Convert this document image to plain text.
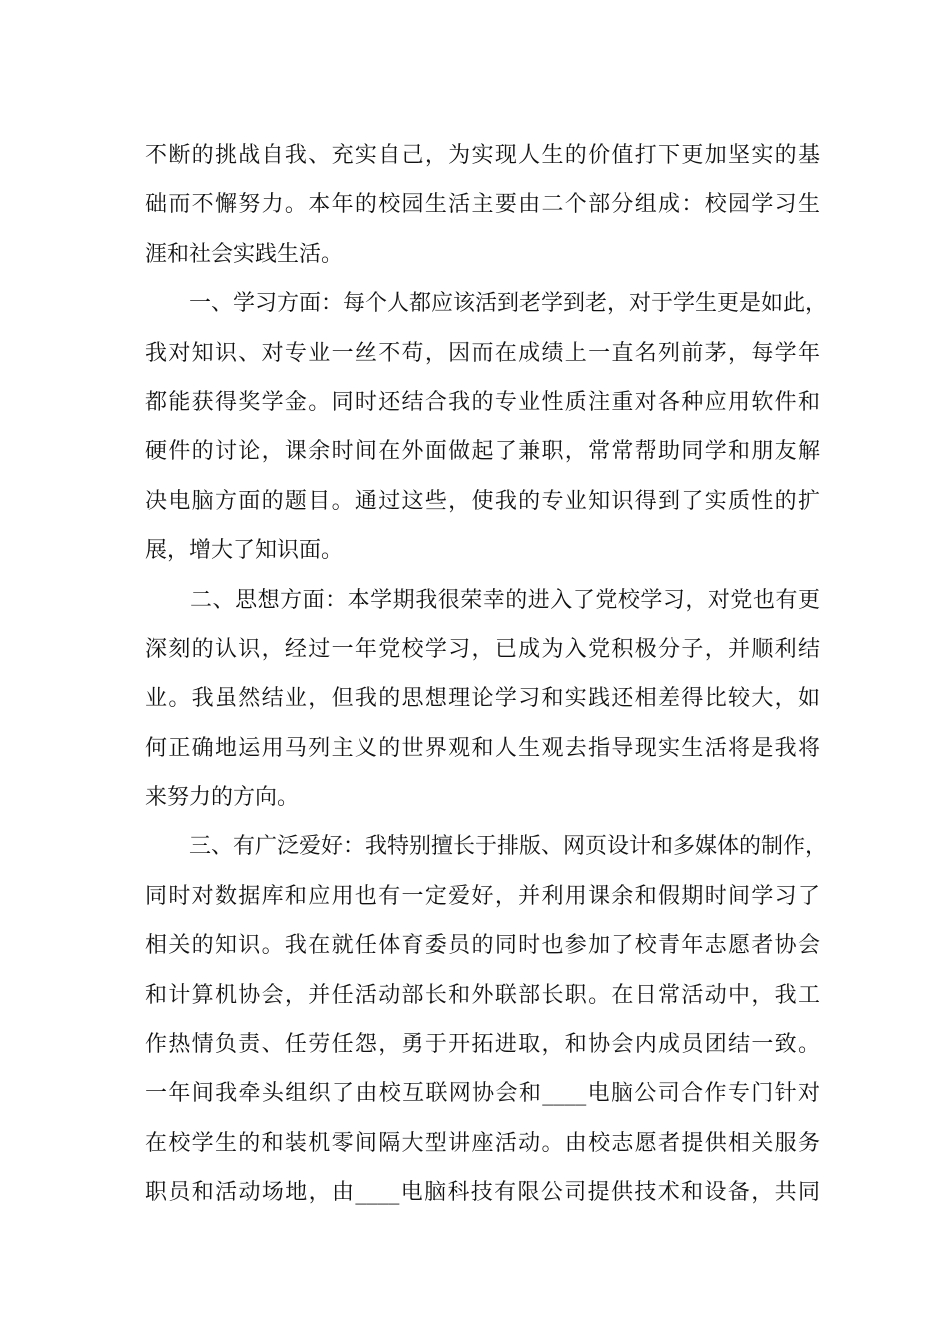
不断的挑战自我、充实自己，为实现人生的价值打下更加坚实的基
础而不懈努力。本年的校园生活主要由二个部分组成：校园学习生
涯和社会实践生活。
　　一、学习方面：每个人都应该活到老学到老，对于学生更是如此，
我对知识、对专业一丝不苟，因而在成绩上一直名列前茅，每学年
都能获得奖学金。同时还结合我的专业性质注重对各种应用软件和
硬件的讨论，课余时间在外面做起了兼职，常常帮助同学和朋友解
决电脑方面的题目。通过这些，使我的专业知识得到了实质性的扩
展，增大了知识面。
　　二、思想方面：本学期我很荣幸的进入了党校学习，对党也有更
深刻的认识，经过一年党校学习，已成为入党积极分子，并顺利结
业。我虽然结业，但我的思想理论学习和实践还相差得比较大，如
何正确地运用马列主义的世界观和人生观去指导现实生活将是我将
来努力的方向。
　　三、有广泛爱好：我特别擅长于排版、网页设计和多媒体的制作，
同时对数据库和应用也有一定爱好，并利用课余和假期时间学习了
相关的知识。我在就任体育委员的同时也参加了校青年志愿者协会
和计算机协会，并任活动部长和外联部长职。在日常活动中，我工
作热情负责、任劳任怨，勇于开拓进取，和协会内成员团结一致。
一年间我牵头组织了由校互联网协会和____电脑公司合作专门针对
在校学生的和装机零间隔大型讲座活动。由校志愿者提供相关服务
职员和活动场地，由____电脑科技有限公司提供技术和设备，共同
